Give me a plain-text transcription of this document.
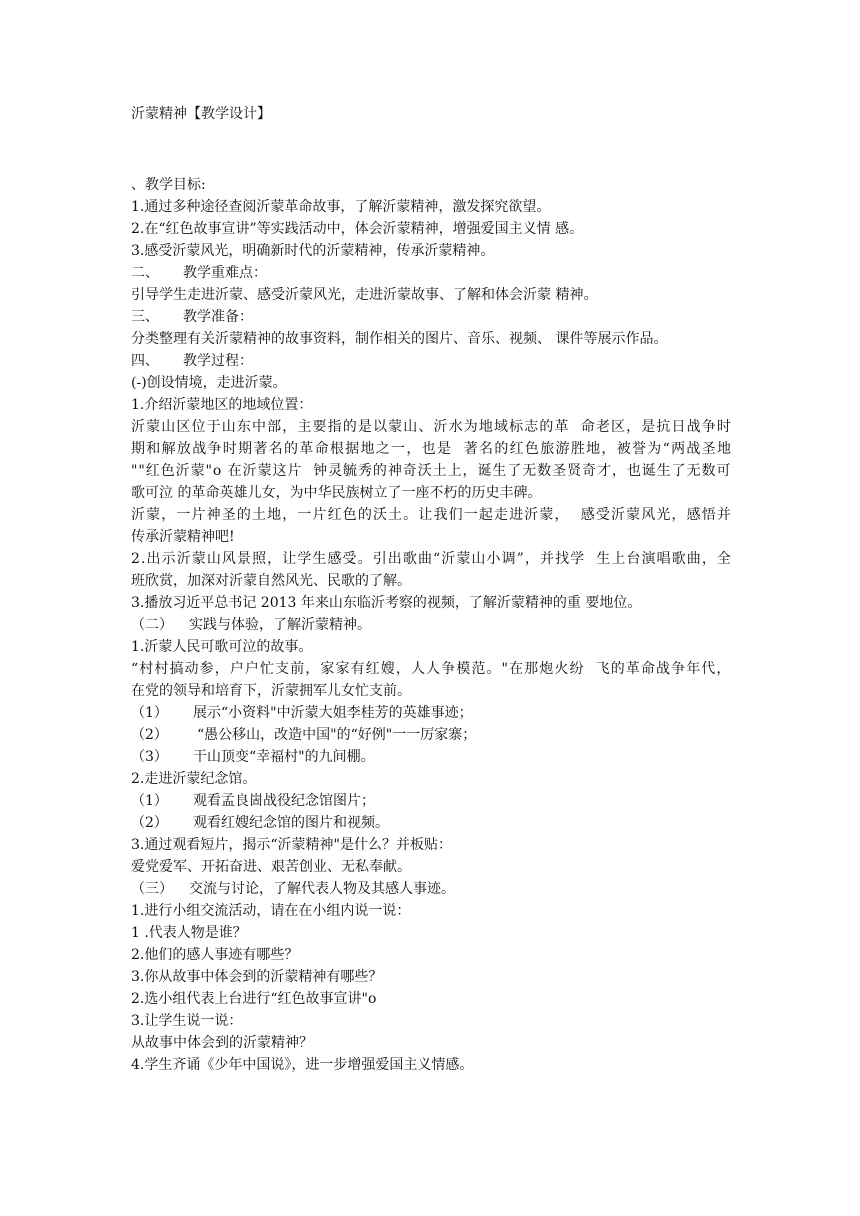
沂蒙精神【教学设计】
、教学目标:
1.通过多种途径查阅沂蒙革命故事，了解沂蒙精神，激发探究欲望。
2.在“红色故事宣讲”等实践活动中，体会沂蒙精神，增强爱国主义情 感。
3.感受沂蒙风光，明确新时代的沂蒙精神，传承沂蒙精神。
二、 教学重难点：
引导学生走进沂蒙、感受沂蒙风光，走进沂蒙故事、了解和体会沂蒙 精神。
三、 教学准备：
分类整理有关沂蒙精神的故事资料，制作相关的图片、音乐、视频、 课件等展示作品。
四、 教学过程：
(-)创设情境，走进沂蒙。
1.介绍沂蒙地区的地域位置：
沂 蒙 山 区 位 于 山 东 中 部 ， 主 要 指 的 是 以 蒙 山 、 沂 水 为 地 域 标 志 的 革

命 老 区 ， 是 抗 日 战 争 时
期 和 解 放 战 争 时 期 著 名 的 革 命 根 据 地 之 一 ， 也 是

著 名 的 红 色 旅 游 胜 地 ， 被 誉 为 “ 两 战 圣 地
" " 红 色 沂 蒙 " o
在 沂 蒙 这 片

钟 灵 毓 秀 的 神 奇 沃 土 上 ， 诞 生 了 无 数 圣 贤 奇 才 ， 也 诞 生 了 无 数 可
歌可泣 的革命英雄儿女，为中华民族树立了一座不朽的历史丰碑。
沂 蒙 ， 一 片 神 圣 的 土 地 ， 一 片 红 色 的 沃 土 。 让 我 们 一 起 走 进 沂 蒙 ，

感 受 沂 蒙 风 光 ， 感 悟 并
传承沂蒙精神吧!
2 . 出 示 沂 蒙 山 风 景 照 ， 让 学 生 感 受 。 引 出 歌 曲 “ 沂 蒙 山 小 调 ” ， 并 找 学

生 上 台 演 唱 歌 曲 ， 全
班欣赏，加深对沂蒙自然风光、民歌的了解。
3.播放习近平总书记 2013 年来山东临沂考察的视频，了解沂蒙精神的重 要地位。
（二） 实践与体验，了解沂蒙精神。
1.沂蒙人民可歌可泣的故事。
“ 村 村 搞 动 参 ， 户 户 忙 支 前 ， 家 家 有 红 嫂 ， 人 人 争 模 范 。 " 在 那 炮 火 纷

飞 的 革 命 战 争 年 代 ，
在党的领导和培育下，沂蒙拥军儿女忙支前。
（1） 展示“小资料"中沂蒙大姐李桂芳的英雄事迹；
（2） “愚公移山，改造中国"的“好例"一一厉家寨；
（3） 干山顶变“幸福村"的九间棚。
2.走进沂蒙纪念馆。
（1） 观看孟良崮战役纪念馆图片；
（2） 观看红嫂纪念馆的图片和视频。
3.通过观看短片，揭示“沂蒙精神"是什么？并板贴：
爱党爱军、开拓奋进、艰苦创业、无私奉献。
（三） 交流与讨论，了解代表人物及其感人事迹。
1.进行小组交流活动，请在在小组内说一说：
1 .代表人物是谁？
2.他们的感人事迹有哪些？
3.你从故事中体会到的沂蒙精神有哪些？
2.选小组代表上台进行“红色故事宣讲"o
3.让学生说一说：
从故事中体会到的沂蒙精神？
4.学生齐诵《少年中国说》，进一步增强爱国主义情感。
